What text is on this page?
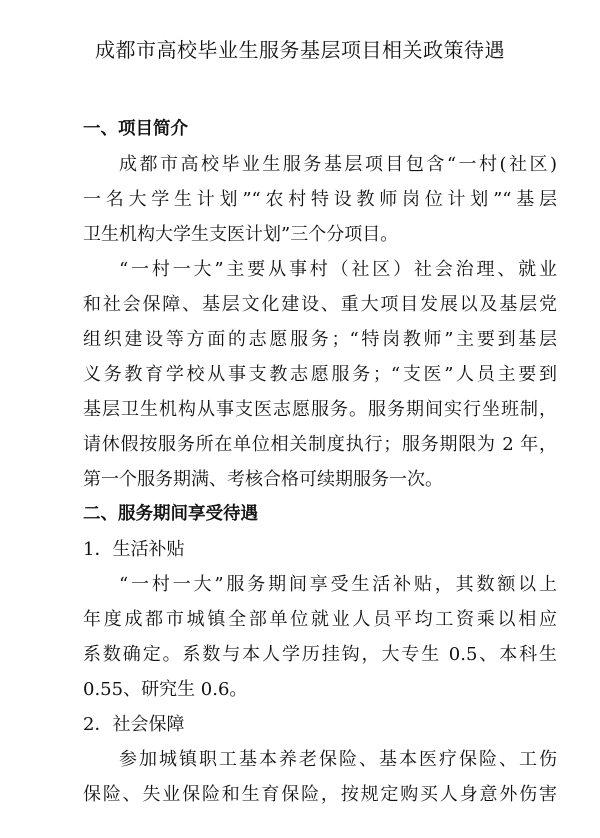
成都市高校毕业生服务基层项目相关政策待遇

一、项目简介

成都市高校毕业生服务基层项目包含“一村(社区)
一名大学生计划”“农村特设教师岗位计划”“基层
卫生机构大学生支医计划”三个分项目。
“一村一大”主要从事村（社区）社会治理、就业
和社会保障、基层文化建设、重大项目发展以及基层党
组织建设等方面的志愿服务；“特岗教师”主要到基层
义务教育学校从事支教志愿服务；“支医”人员主要到
基层卫生机构从事支医志愿服务。服务期间实行坐班制，
请休假按服务所在单位相关制度执行；服务期限为 2 年，
第一个服务期满、考核合格可续期服务一次。

二、服务期间享受待遇

1．生活补贴

“一村一大”服务期间享受生活补贴，其数额以上
年度成都市城镇全部单位就业人员平均工资乘以相应
系数确定。系数与本人学历挂钩，大专生 0.5、本科生
0.55、研究生 0.6。

2．社会保障

参加城镇职工基本养老保险、基本医疗保险、工伤
保险、失业保险和生育保险，按规定购买人身意外伤害
